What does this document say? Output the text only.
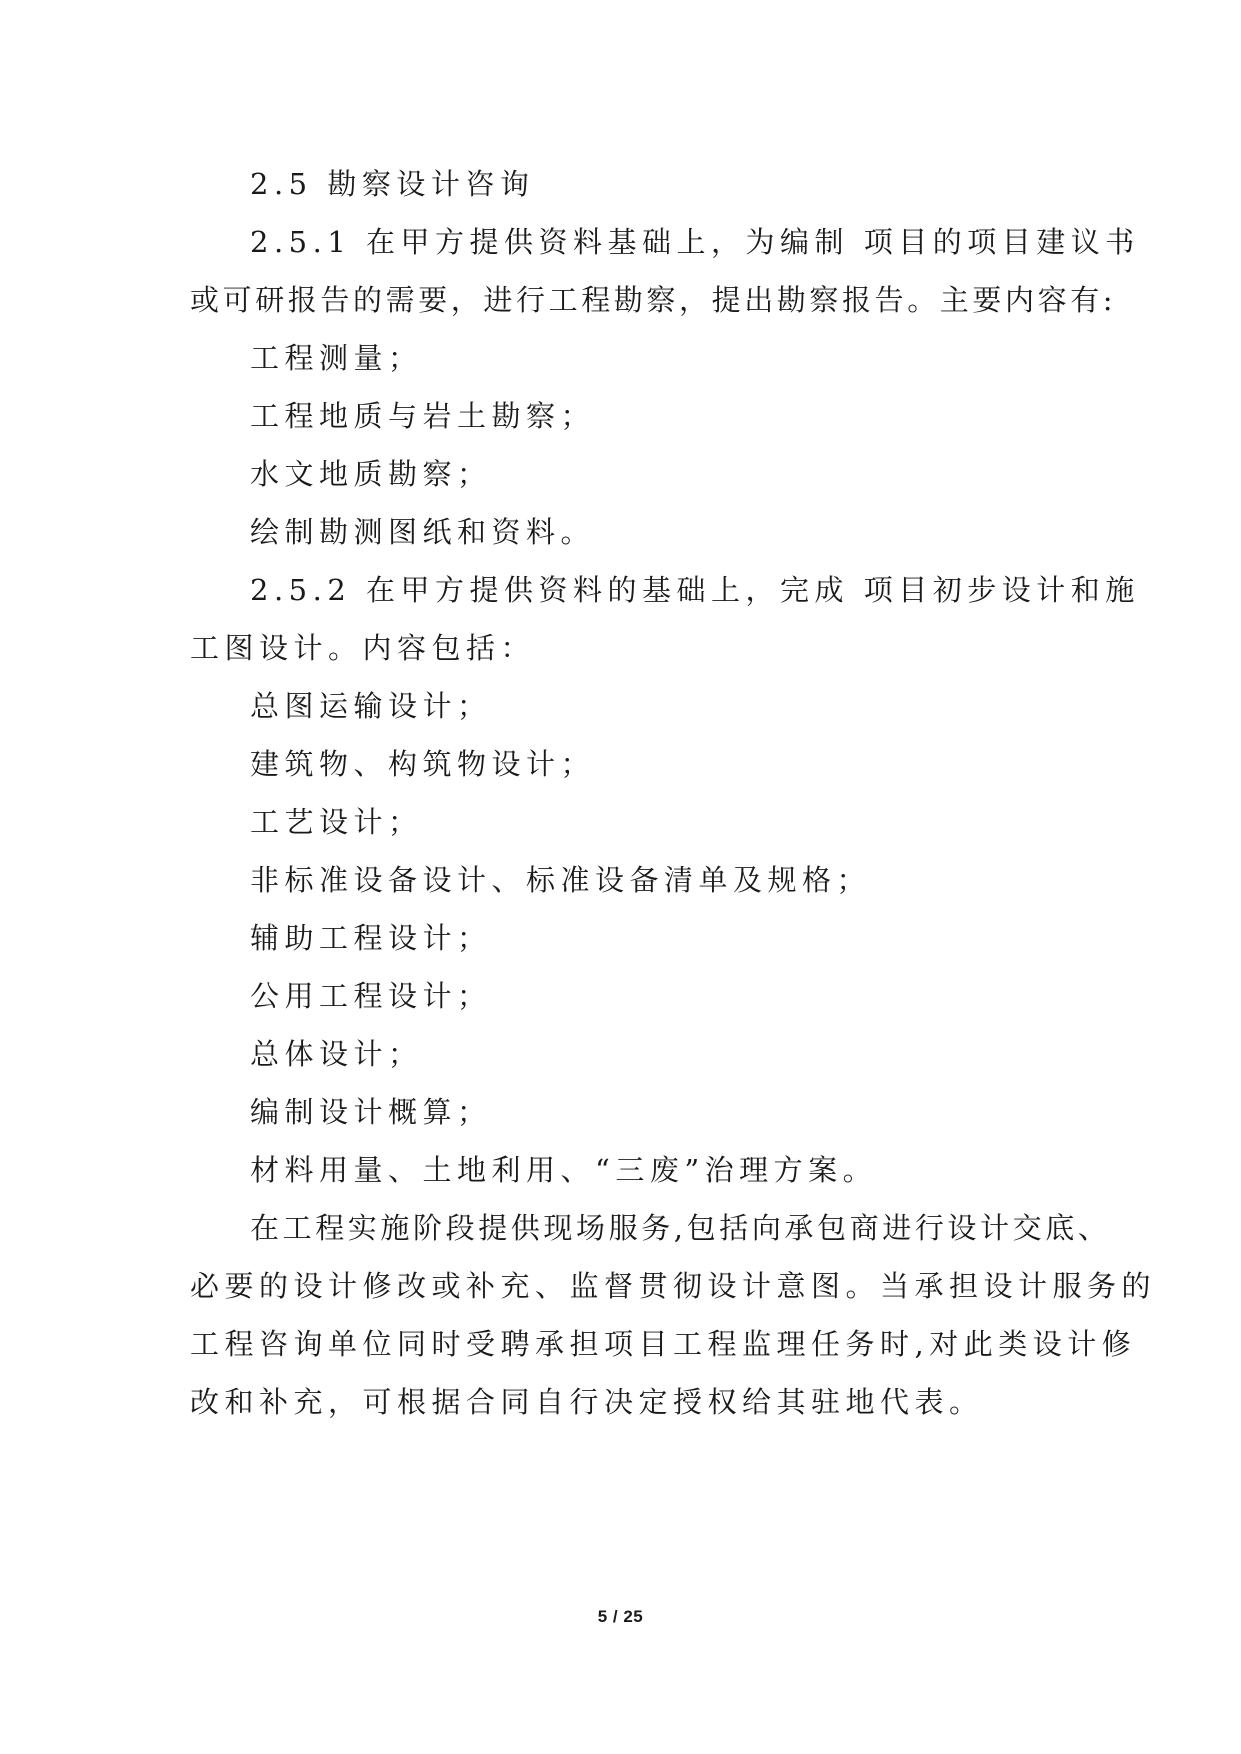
2.5 勘察设计咨询
2.5.1 在甲方提供资料基础上，为编制 项目的项目建议书
或可研报告的需要，进行工程勘察，提出勘察报告。主要内容有:
工程测量；
工程地质与岩土勘察；
水文地质勘察；
绘制勘测图纸和资料。
2.5.2 在甲方提供资料的基础上，完成 项目初步设计和施
工图设计。内容包括：
总图运输设计；
建筑物、构筑物设计；
工艺设计；
非标准设备设计、标准设备清单及规格；
辅助工程设计；
公用工程设计；
总体设计；
编制设计概算；
材料用量、土地利用、“三废”治理方案。
在工程实施阶段提供现场服务,包括向承包商进行设计交底、
必要的设计修改或补充、监督贯彻设计意图。当承担设计服务的
工程咨询单位同时受聘承担项目工程监理任务时,对此类设计修
改和补充，可根据合同自行决定授权给其驻地代表。
5 / 25
